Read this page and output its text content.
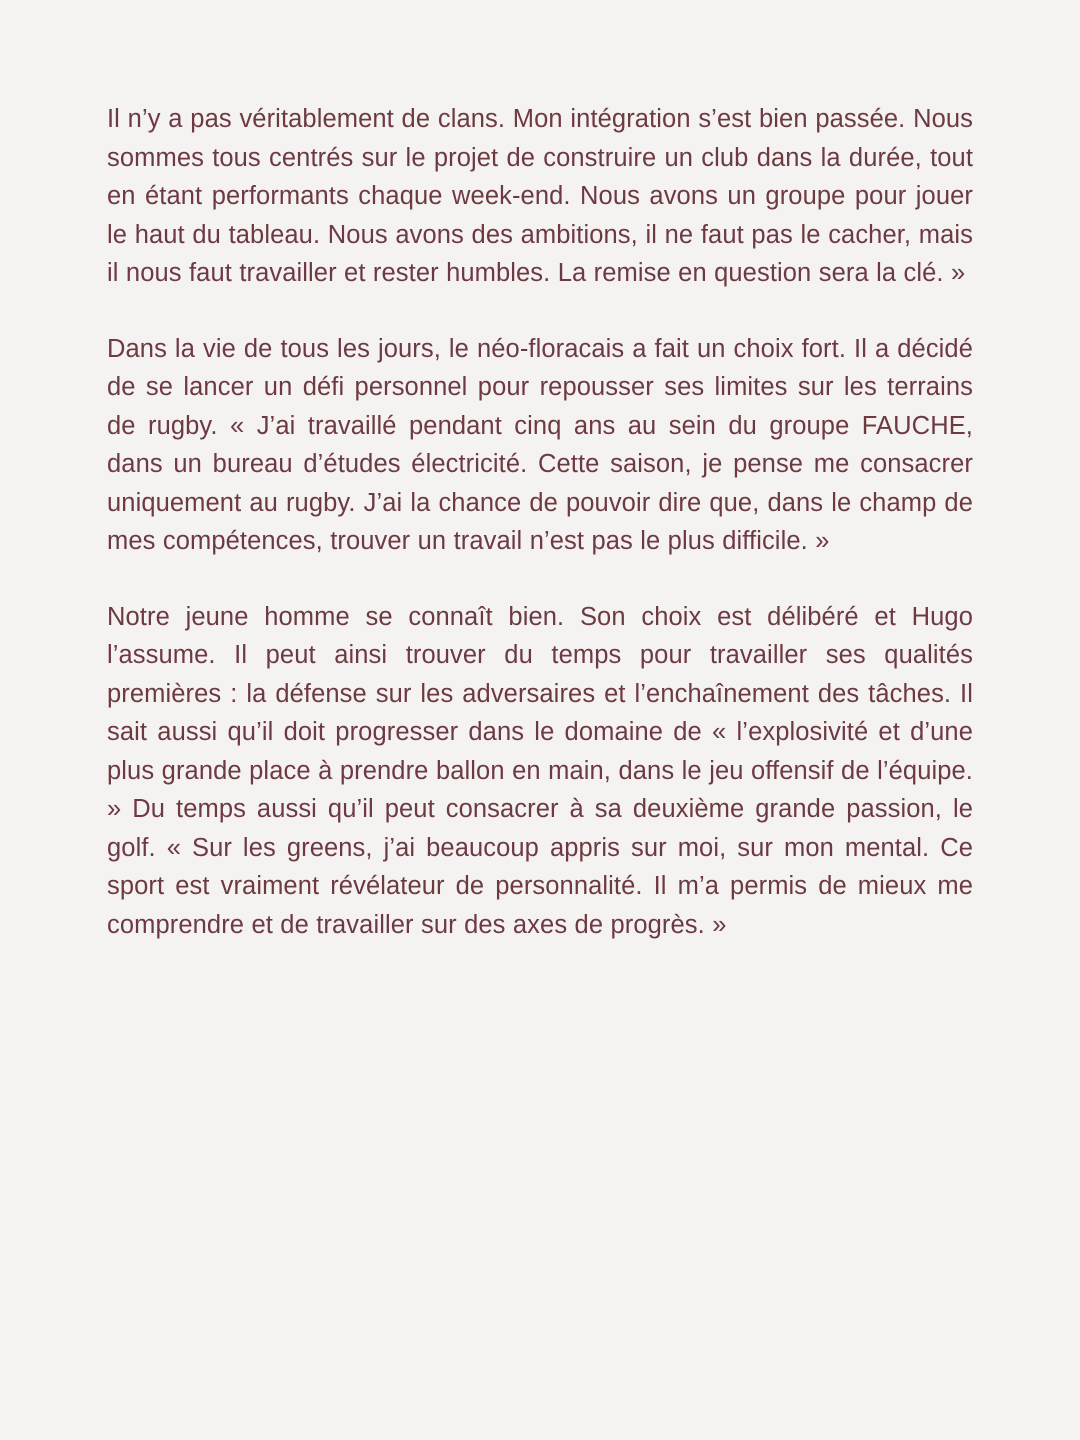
Il n’y a pas véritablement de clans. Mon intégration s’est bien passée. Nous sommes tous centrés sur le projet de construire un club dans la durée, tout en étant performants chaque week-end. Nous avons un groupe pour jouer le haut du tableau. Nous avons des ambitions, il ne faut pas le cacher, mais il nous faut travailler et rester humbles. La remise en question sera la clé. »

Dans la vie de tous les jours, le néo-floracais a fait un choix fort. Il a décidé de se lancer un défi personnel pour repousser ses limites sur les terrains de rugby. « J’ai travaillé pendant cinq ans au sein du groupe FAUCHE, dans un bureau d’études électricité. Cette saison, je pense me consacrer uniquement au rugby. J’ai la chance de pouvoir dire que, dans le champ de mes compétences, trouver un travail n’est pas le plus difficile. »

Notre jeune homme se connaît bien. Son choix est délibéré et Hugo l’assume. Il peut ainsi trouver du temps pour travailler ses qualités premières : la défense sur les adversaires et l’enchaînement des tâches. Il sait aussi qu’il doit progresser dans le domaine de « l’explosivité et d’une plus grande place à prendre ballon en main, dans le jeu offensif de l’équipe. » Du temps aussi qu’il peut consacrer à sa deuxième grande passion, le golf. « Sur les greens, j’ai beaucoup appris sur moi, sur mon mental. Ce sport est vraiment révélateur de personnalité. Il m’a permis de mieux me comprendre et de travailler sur des axes de progrès. »
